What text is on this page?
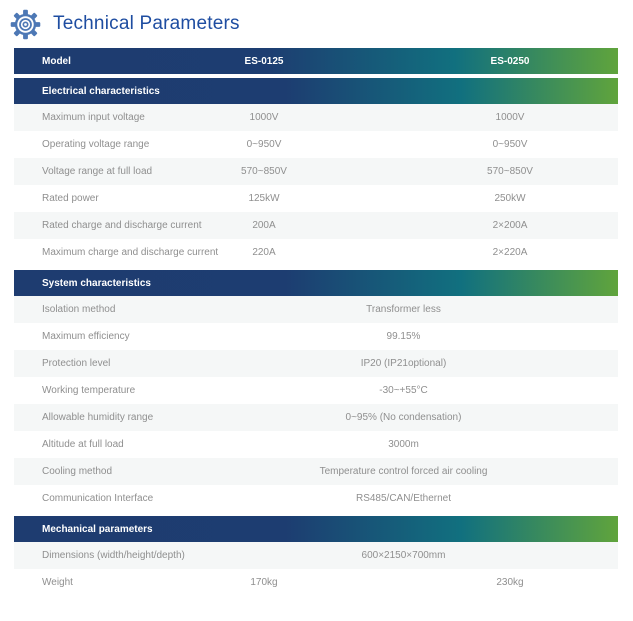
Technical Parameters
Model	ES-0125	ES-0250
Electrical characteristics
Maximum input voltage	1000V	1000V
Operating voltage range	0~950V	0~950V
Voltage range at full load	570~850V	570~850V
Rated power	125kW	250kW
Rated charge and discharge current	200A	2×200A
Maximum charge and discharge current	220A	2×220A
System characteristics
Isolation method	Transformer less
Maximum efficiency	99.15%
Protection level	IP20 (IP21optional)
Working temperature	-30~+55°C
Allowable humidity range	0~95% (No condensation)
Altitude at full load	3000m
Cooling method	Temperature control forced air cooling
Communication Interface	RS485/CAN/Ethernet
Mechanical parameters
Dimensions (width/height/depth)	600×2150×700mm
Weight	170kg	230kg
